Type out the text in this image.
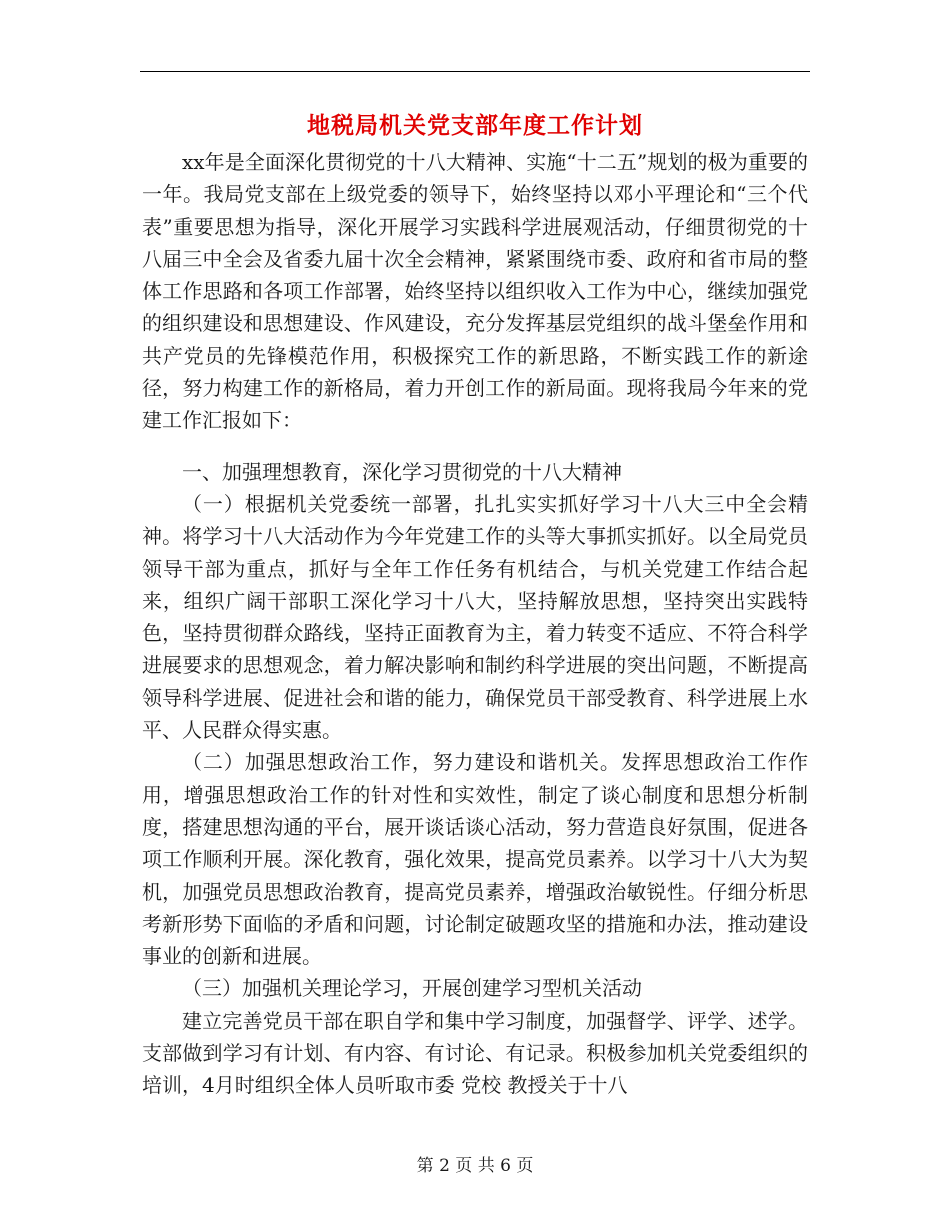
地税局机关党支部年度工作计划

xx年是全面深化贯彻党的十八大精神、实施“十二五”规划的极为重要的一年。我局党支部在上级党委的领导下，始终坚持以邓小平理论和“三个代表”重要思想为指导，深化开展学习实践科学进展观活动，仔细贯彻党的十八届三中全会及省委九届十次全会精神，紧紧围绕市委、政府和省市局的整体工作思路和各项工作部署，始终坚持以组织收入工作为中心，继续加强党的组织建设和思想建设、作风建设，充分发挥基层党组织的战斗堡垒作用和共产党员的先锋模范作用，积极探究工作的新思路，不断实践工作的新途径，努力构建工作的新格局，着力开创工作的新局面。现将我局今年来的党建工作汇报如下：

一、加强理想教育，深化学习贯彻党的十八大精神

（一）根据机关党委统一部署，扎扎实实抓好学习十八大三中全会精神。将学习十八大活动作为今年党建工作的头等大事抓实抓好。以全局党员领导干部为重点，抓好与全年工作任务有机结合，与机关党建工作结合起来，组织广阔干部职工深化学习十八大，坚持解放思想，坚持突出实践特色，坚持贯彻群众路线，坚持正面教育为主，着力转变不适应、不符合科学进展要求的思想观念，着力解决影响和制约科学进展的突出问题，不断提高领导科学进展、促进社会和谐的能力，确保党员干部受教育、科学进展上水平、人民群众得实惠。

（二）加强思想政治工作，努力建设和谐机关。发挥思想政治工作作用，增强思想政治工作的针对性和实效性，制定了谈心制度和思想分析制度，搭建思想沟通的平台，展开谈话谈心活动，努力营造良好氛围，促进各项工作顺利开展。深化教育，强化效果，提高党员素养。以学习十八大为契机，加强党员思想政治教育，提高党员素养，增强政治敏锐性。仔细分析思考新形势下面临的矛盾和问题，讨论制定破题攻坚的措施和办法，推动建设事业的创新和进展。

（三）加强机关理论学习，开展创建学习型机关活动

建立完善党员干部在职自学和集中学习制度，加强督学、评学、述学。支部做到学习有计划、有内容、有讨论、有记录。积极参加机关党委组织的培训，4月时组织全体人员听取市委 党校 教授关于十八

第 2 页 共 6 页
